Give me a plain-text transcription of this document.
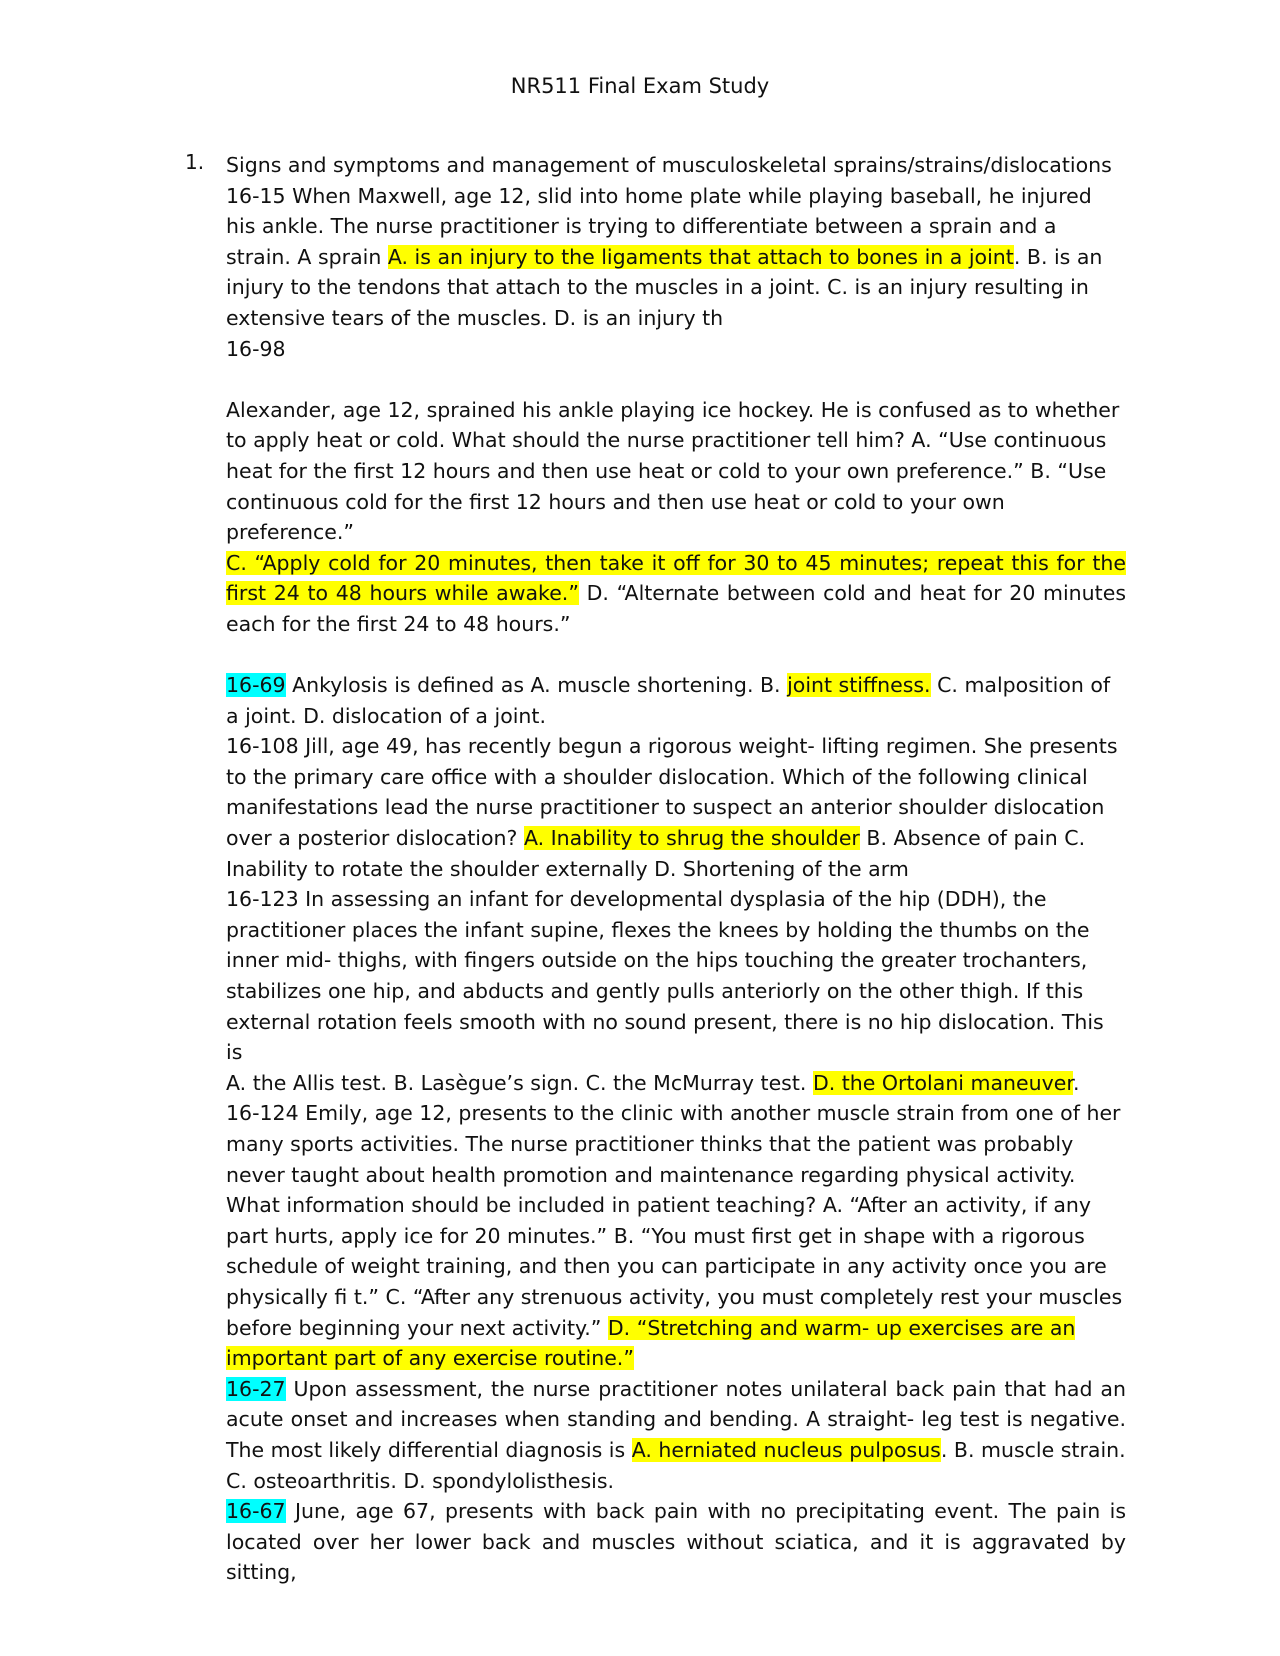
NR511 Final Exam Study
1. Signs and symptoms and management of musculoskeletal sprains/strains/dislocations

16-15 When Maxwell, age 12, slid into home plate while playing baseball, he injured his ankle. The nurse practitioner is trying to differentiate between a sprain and a strain. A sprain A. is an injury to the ligaments that attach to bones in a joint. B. is an injury to the tendons that attach to the muscles in a joint. C. is an injury resulting in extensive tears of the muscles. D. is an injury th

16-98

Alexander, age 12, sprained his ankle playing ice hockey. He is confused as to whether to apply heat or cold. What should the nurse practitioner tell him? A. “Use continuous heat for the first 12 hours and then use heat or cold to your own preference.” B. “Use continuous cold for the first 12 hours and then use heat or cold to your own preference.”

C. “Apply cold for 20 minutes, then take it off for 30 to 45 minutes; repeat this for the first 24 to 48 hours while awake.” D. “Alternate between cold and heat for 20 minutes each for the first 24 to 48 hours.”

16-69 Ankylosis is defined as A. muscle shortening. B. joint stiffness. C. malposition of a joint. D. dislocation of a joint.

16-108 Jill, age 49, has recently begun a rigorous weight- lifting regimen. She presents to the primary care office with a shoulder dislocation. Which of the following clinical manifestations lead the nurse practitioner to suspect an anterior shoulder dislocation over a posterior dislocation? A. Inability to shrug the shoulder B. Absence of pain C. Inability to rotate the shoulder externally D. Shortening of the arm

16-123 In assessing an infant for developmental dysplasia of the hip (DDH), the practitioner places the infant supine, flexes the knees by holding the thumbs on the inner mid- thighs, with fingers outside on the hips touching the greater trochanters, stabilizes one hip, and abducts and gently pulls anteriorly on the other thigh. If this external rotation feels smooth with no sound present, there is no hip dislocation. This is

A. the Allis test. B. Lasègue’s sign. C. the McMurray test. D. the Ortolani maneuver.

16-124 Emily, age 12, presents to the clinic with another muscle strain from one of her many sports activities. The nurse practitioner thinks that the patient was probably never taught about health promotion and maintenance regarding physical activity. What information should be included in patient teaching? A. “After an activity, if any part hurts, apply ice for 20 minutes.” B. “You must first get in shape with a rigorous schedule of weight training, and then you can participate in any activity once you are physically fi t.” C. “After any strenuous activity, you must completely rest your muscles before beginning your next activity.” D. “Stretching and warm- up exercises are an important part of any exercise routine.”

16-27 Upon assessment, the nurse practitioner notes unilateral back pain that had an acute onset and increases when standing and bending. A straight- leg test is negative. The most likely differential diagnosis is A. herniated nucleus pulposus. B. muscle strain.

C. osteoarthritis. D. spondylolisthesis.

16-67 June, age 67, presents with back pain with no precipitating event. The pain is located over her lower back and muscles without sciatica, and it is aggravated by sitting,
